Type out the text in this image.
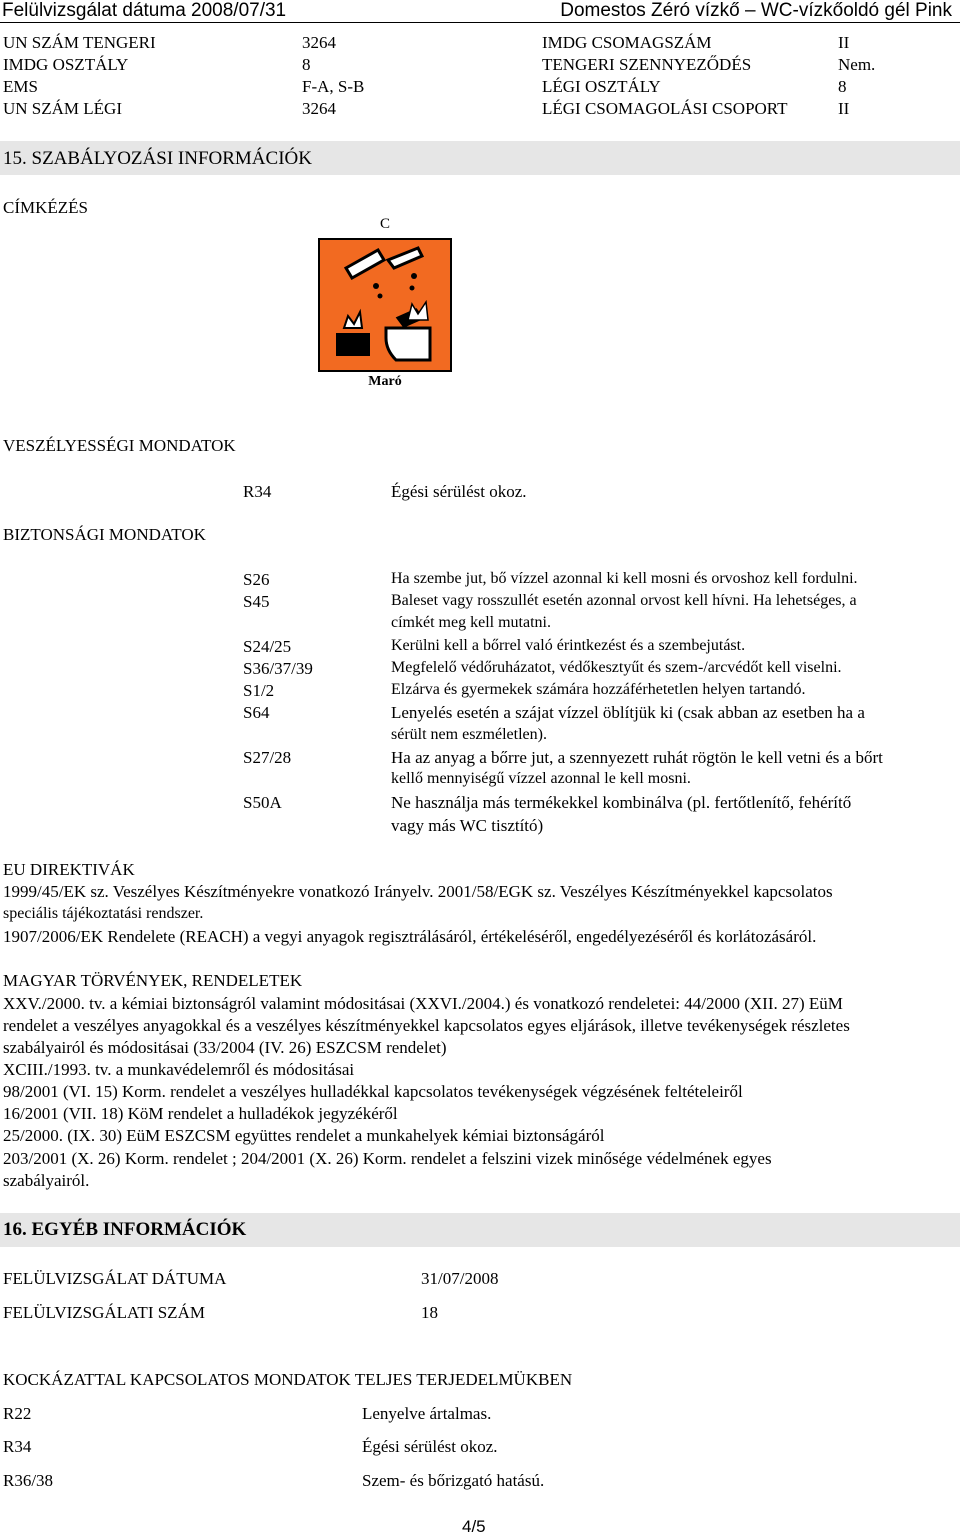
Felülvizsgálat dátuma 2008/07/31	Domestos Zéró vízkő – WC-vízkőoldó gél Pink
UN SZÁM TENGERI	3264	IMDG CSOMAGSZÁM	II
IMDG OSZTÁLY	8	TENGERI SZENNYEZŐDÉS	Nem.
EMS	F-A, S-B	LÉGI OSZTÁLY	8
UN SZÁM LÉGI	3264	LÉGI CSOMAGOLÁSI CSOPORT	II
15. SZABÁLYOZÁSI INFORMÁCIÓK
CÍMKÉZÉS
C
Maró
VESZÉLYESSÉGI MONDATOK
R34	Égési sérülést okoz.
BIZTONSÁGI MONDATOK
S26	Ha szembe jut, bő vízzel azonnal ki kell mosni és orvoshoz kell fordulni.
S45	Baleset vagy rosszullét esetén azonnal orvost kell hívni. Ha lehetséges, a
címkét meg kell mutatni.
S24/25	Kerülni kell a bőrrel való érintkezést és a szembejutást.
S36/37/39	Megfelelő védőruházatot, védőkesztyűt és szem-/arcvédőt kell viselni.
S1/2	Elzárva és gyermekek számára hozzáférhetetlen helyen tartandó.
S64	Lenyelés esetén a szájat vízzel öblítjük ki (csak abban az esetben ha a
sérült nem eszméletlen).
S27/28	Ha az anyag a bőrre jut, a szennyezett ruhát rögtön le kell vetni és a bőrt
kellő mennyiségű vízzel azonnal le kell mosni.
S50A	Ne használja más termékekkel kombinálva (pl. fertőtlenítő, fehérítő
vagy más WC tisztító)
EU DIREKTIVÁK
1999/45/EK sz. Veszélyes Készítményekre vonatkozó Irányelv. 2001/58/EGK sz. Veszélyes Készítményekkel kapcsolatos
speciális tájékoztatási rendszer.
1907/2006/EK Rendelete (REACH) a vegyi anyagok regisztrálásáról, értékeléséről, engedélyezéséről és korlátozásáról.
MAGYAR TÖRVÉNYEK, RENDELETEK
XXV./2000. tv. a kémiai biztonságról valamint módositásai (XXVI./2004.) és vonatkozó rendeletei: 44/2000 (XII. 27) EüM
rendelet a veszélyes anyagokkal és a veszélyes készítményekkel kapcsolatos egyes eljárások, illetve tevékenységek részletes
szabályairól és módositásai (33/2004 (IV. 26) ESZCSM rendelet)
XCIII./1993. tv. a munkavédelemről és módositásai
98/2001 (VI. 15) Korm. rendelet a veszélyes hulladékkal kapcsolatos tevékenységek végzésének feltételeiről
16/2001 (VII. 18) KöM rendelet a hulladékok jegyzékéről
25/2000. (IX. 30) EüM ESZCSM együttes rendelet a munkahelyek kémiai biztonságáról
203/2001 (X. 26) Korm. rendelet ; 204/2001 (X. 26) Korm. rendelet a felszini vizek minősége védelmének egyes
szabályairól.
16. EGYÉB INFORMÁCIÓK
FELÜLVIZSGÁLAT DÁTUMA	31/07/2008
FELÜLVIZSGÁLATI SZÁM	18
KOCKÁZATTAL KAPCSOLATOS MONDATOK TELJES TERJEDELMÜKBEN
R22	Lenyelve ártalmas.
R34	Égési sérülést okoz.
R36/38	Szem- és bőrizgató hatású.
4/5
